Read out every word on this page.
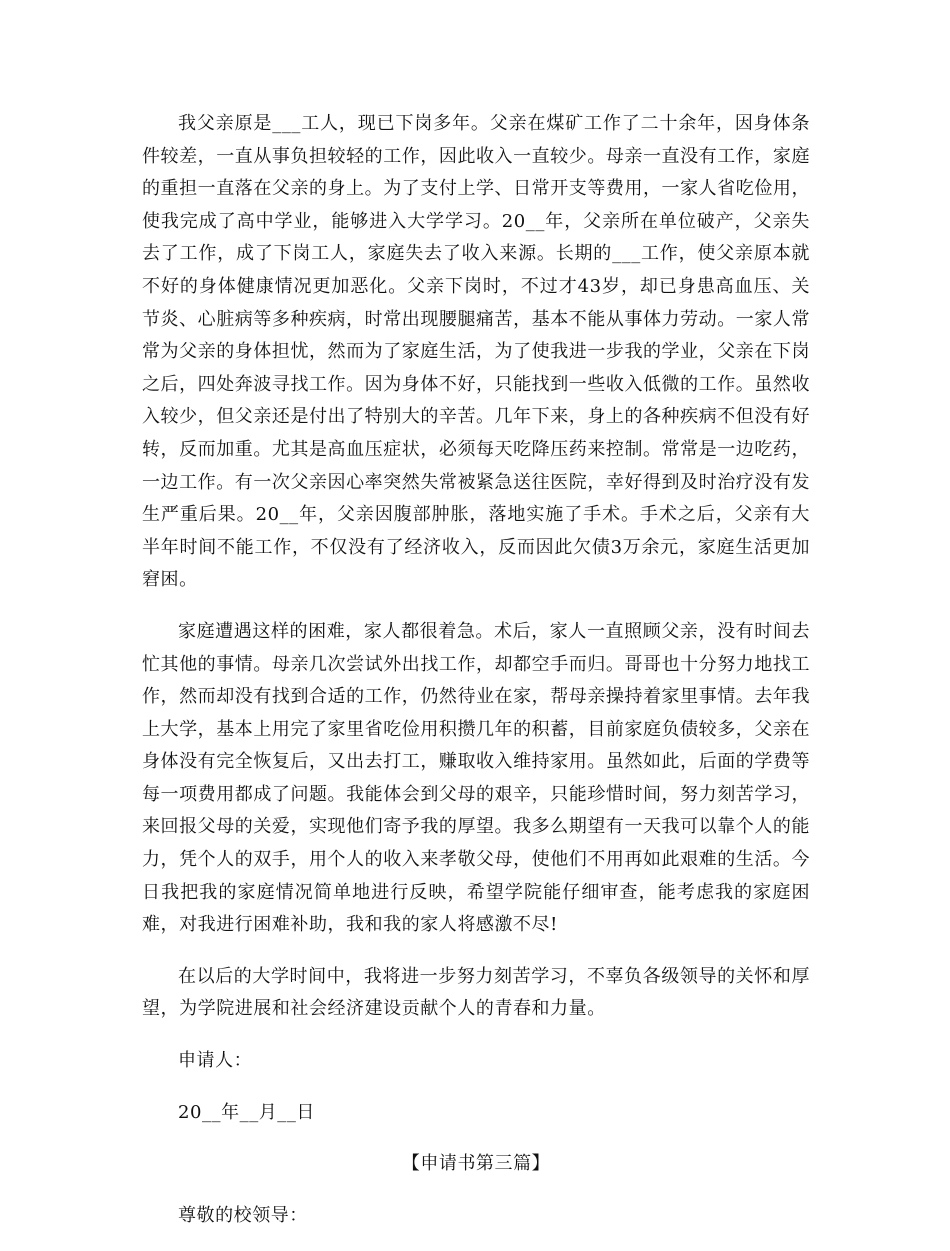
我父亲原是___工人，现已下岗多年。父亲在煤矿工作了二十余年，因身体条件较差，一直从事负担较轻的工作，因此收入一直较少。母亲一直没有工作，家庭的重担一直落在父亲的身上。为了支付上学、日常开支等费用，一家人省吃俭用，使我完成了高中学业，能够进入大学学习。20__年，父亲所在单位破产，父亲失去了工作，成了下岗工人，家庭失去了收入来源。长期的___工作，使父亲原本就不好的身体健康情况更加恶化。父亲下岗时，不过才43岁，却已身患高血压、关节炎、心脏病等多种疾病，时常出现腰腿痛苦，基本不能从事体力劳动。一家人常常为父亲的身体担忧，然而为了家庭生活，为了使我进一步我的学业，父亲在下岗之后，四处奔波寻找工作。因为身体不好，只能找到一些收入低微的工作。虽然收入较少，但父亲还是付出了特别大的辛苦。几年下来，身上的各种疾病不但没有好转，反而加重。尤其是高血压症状，必须每天吃降压药来控制。常常是一边吃药，一边工作。有一次父亲因心率突然失常被紧急送往医院，幸好得到及时治疗没有发生严重后果。20__年，父亲因腹部肿胀，落地实施了手术。手术之后，父亲有大半年时间不能工作，不仅没有了经济收入，反而因此欠债3万余元，家庭生活更加窘困。

家庭遭遇这样的困难，家人都很着急。术后，家人一直照顾父亲，没有时间去忙其他的事情。母亲几次尝试外出找工作，却都空手而归。哥哥也十分努力地找工作，然而却没有找到合适的工作，仍然待业在家，帮母亲操持着家里事情。去年我上大学，基本上用完了家里省吃俭用积攒几年的积蓄，目前家庭负债较多，父亲在身体没有完全恢复后，又出去打工，赚取收入维持家用。虽然如此，后面的学费等每一项费用都成了问题。我能体会到父母的艰辛，只能珍惜时间，努力刻苦学习，来回报父母的关爱，实现他们寄予我的厚望。我多么期望有一天我可以靠个人的能力，凭个人的双手，用个人的收入来孝敬父母，使他们不用再如此艰难的生活。今日我把我的家庭情况简单地进行反映，希望学院能仔细审查，能考虑我的家庭困难，对我进行困难补助，我和我的家人将感激不尽!

在以后的大学时间中，我将进一步努力刻苦学习，不辜负各级领导的关怀和厚望，为学院进展和社会经济建设贡献个人的青春和力量。

申请人：

20__年__月__日

【申请书第三篇】

尊敬的校领导：
